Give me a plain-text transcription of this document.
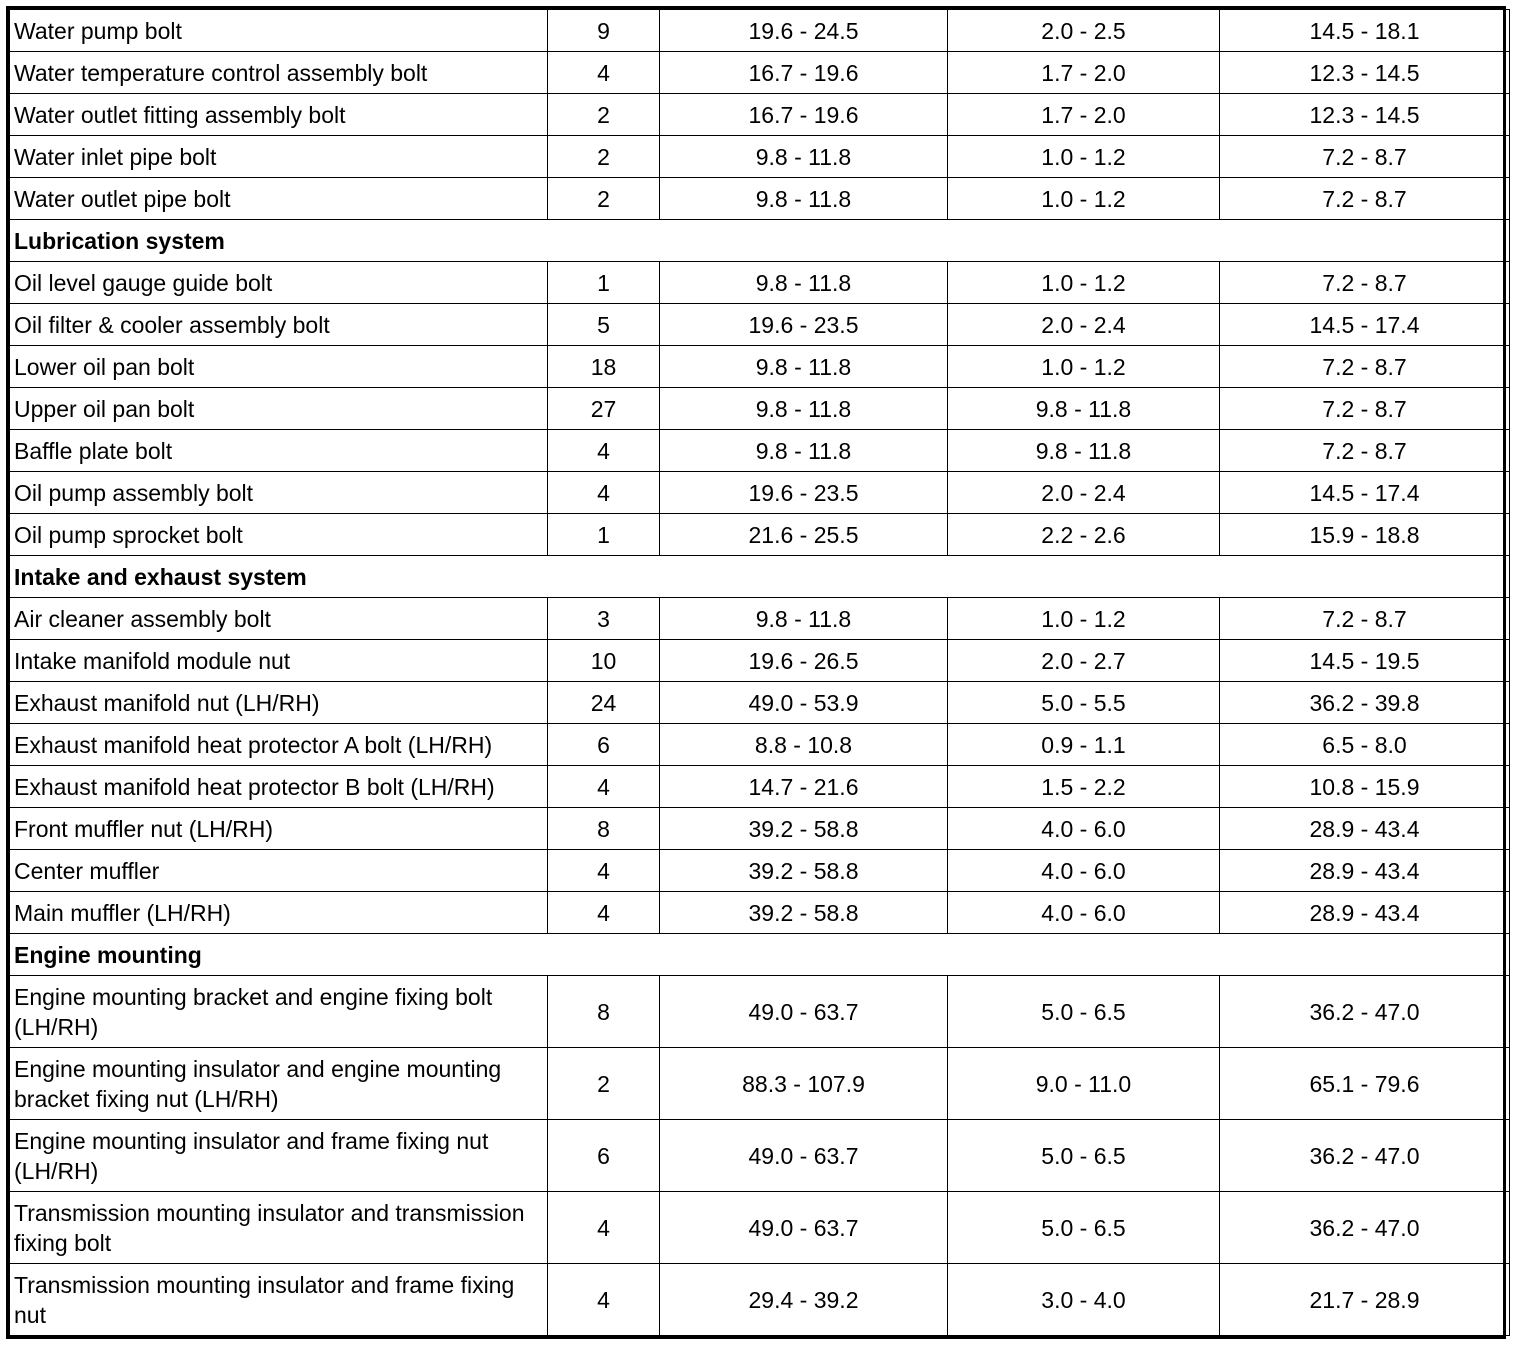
Water pump bolt	9	19.6 - 24.5	2.0 - 2.5	14.5 - 18.1
Water temperature control assembly bolt	4	16.7 - 19.6	1.7 - 2.0	12.3 - 14.5
Water outlet fitting assembly bolt	2	16.7 - 19.6	1.7 - 2.0	12.3 - 14.5
Water inlet pipe bolt	2	9.8 - 11.8	1.0 - 1.2	7.2 - 8.7
Water outlet pipe bolt	2	9.8 - 11.8	1.0 - 1.2	7.2 - 8.7
Lubrication system				
Oil level gauge guide bolt	1	9.8 - 11.8	1.0 - 1.2	7.2 - 8.7
Oil filter & cooler assembly bolt	5	19.6 - 23.5	2.0 - 2.4	14.5 - 17.4
Lower oil pan bolt	18	9.8 - 11.8	1.0 - 1.2	7.2 - 8.7
Upper oil pan bolt	27	9.8 - 11.8	9.8 - 11.8	7.2 - 8.7
Baffle plate bolt	4	9.8 - 11.8	9.8 - 11.8	7.2 - 8.7
Oil pump assembly bolt	4	19.6 - 23.5	2.0 - 2.4	14.5 - 17.4
Oil pump sprocket bolt	1	21.6 - 25.5	2.2 - 2.6	15.9 - 18.8
Intake and exhaust system				
Air cleaner assembly bolt	3	9.8 - 11.8	1.0 - 1.2	7.2 - 8.7
Intake manifold module nut	10	19.6 - 26.5	2.0 - 2.7	14.5 - 19.5
Exhaust manifold nut (LH/RH)	24	49.0 - 53.9	5.0 - 5.5	36.2 - 39.8
Exhaust manifold heat protector A bolt (LH/RH)	6	8.8 - 10.8	0.9 - 1.1	6.5 - 8.0
Exhaust manifold heat protector B bolt (LH/RH)	4	14.7 - 21.6	1.5 - 2.2	10.8 - 15.9
Front muffler nut (LH/RH)	8	39.2 - 58.8	4.0 - 6.0	28.9 - 43.4
Center muffler	4	39.2 - 58.8	4.0 - 6.0	28.9 - 43.4
Main muffler (LH/RH)	4	39.2 - 58.8	4.0 - 6.0	28.9 - 43.4
Engine mounting				
Engine mounting bracket and engine fixing bolt (LH/RH)	8	49.0 - 63.7	5.0 - 6.5	36.2 - 47.0
Engine mounting insulator and engine mounting bracket fixing nut (LH/RH)	2	88.3 - 107.9	9.0 - 11.0	65.1 - 79.6
Engine mounting insulator and frame fixing nut (LH/RH)	6	49.0 - 63.7	5.0 - 6.5	36.2 - 47.0
Transmission mounting insulator and transmission fixing bolt	4	49.0 - 63.7	5.0 - 6.5	36.2 - 47.0
Transmission mounting insulator and frame fixing nut	4	29.4 - 39.2	3.0 - 4.0	21.7 - 28.9
